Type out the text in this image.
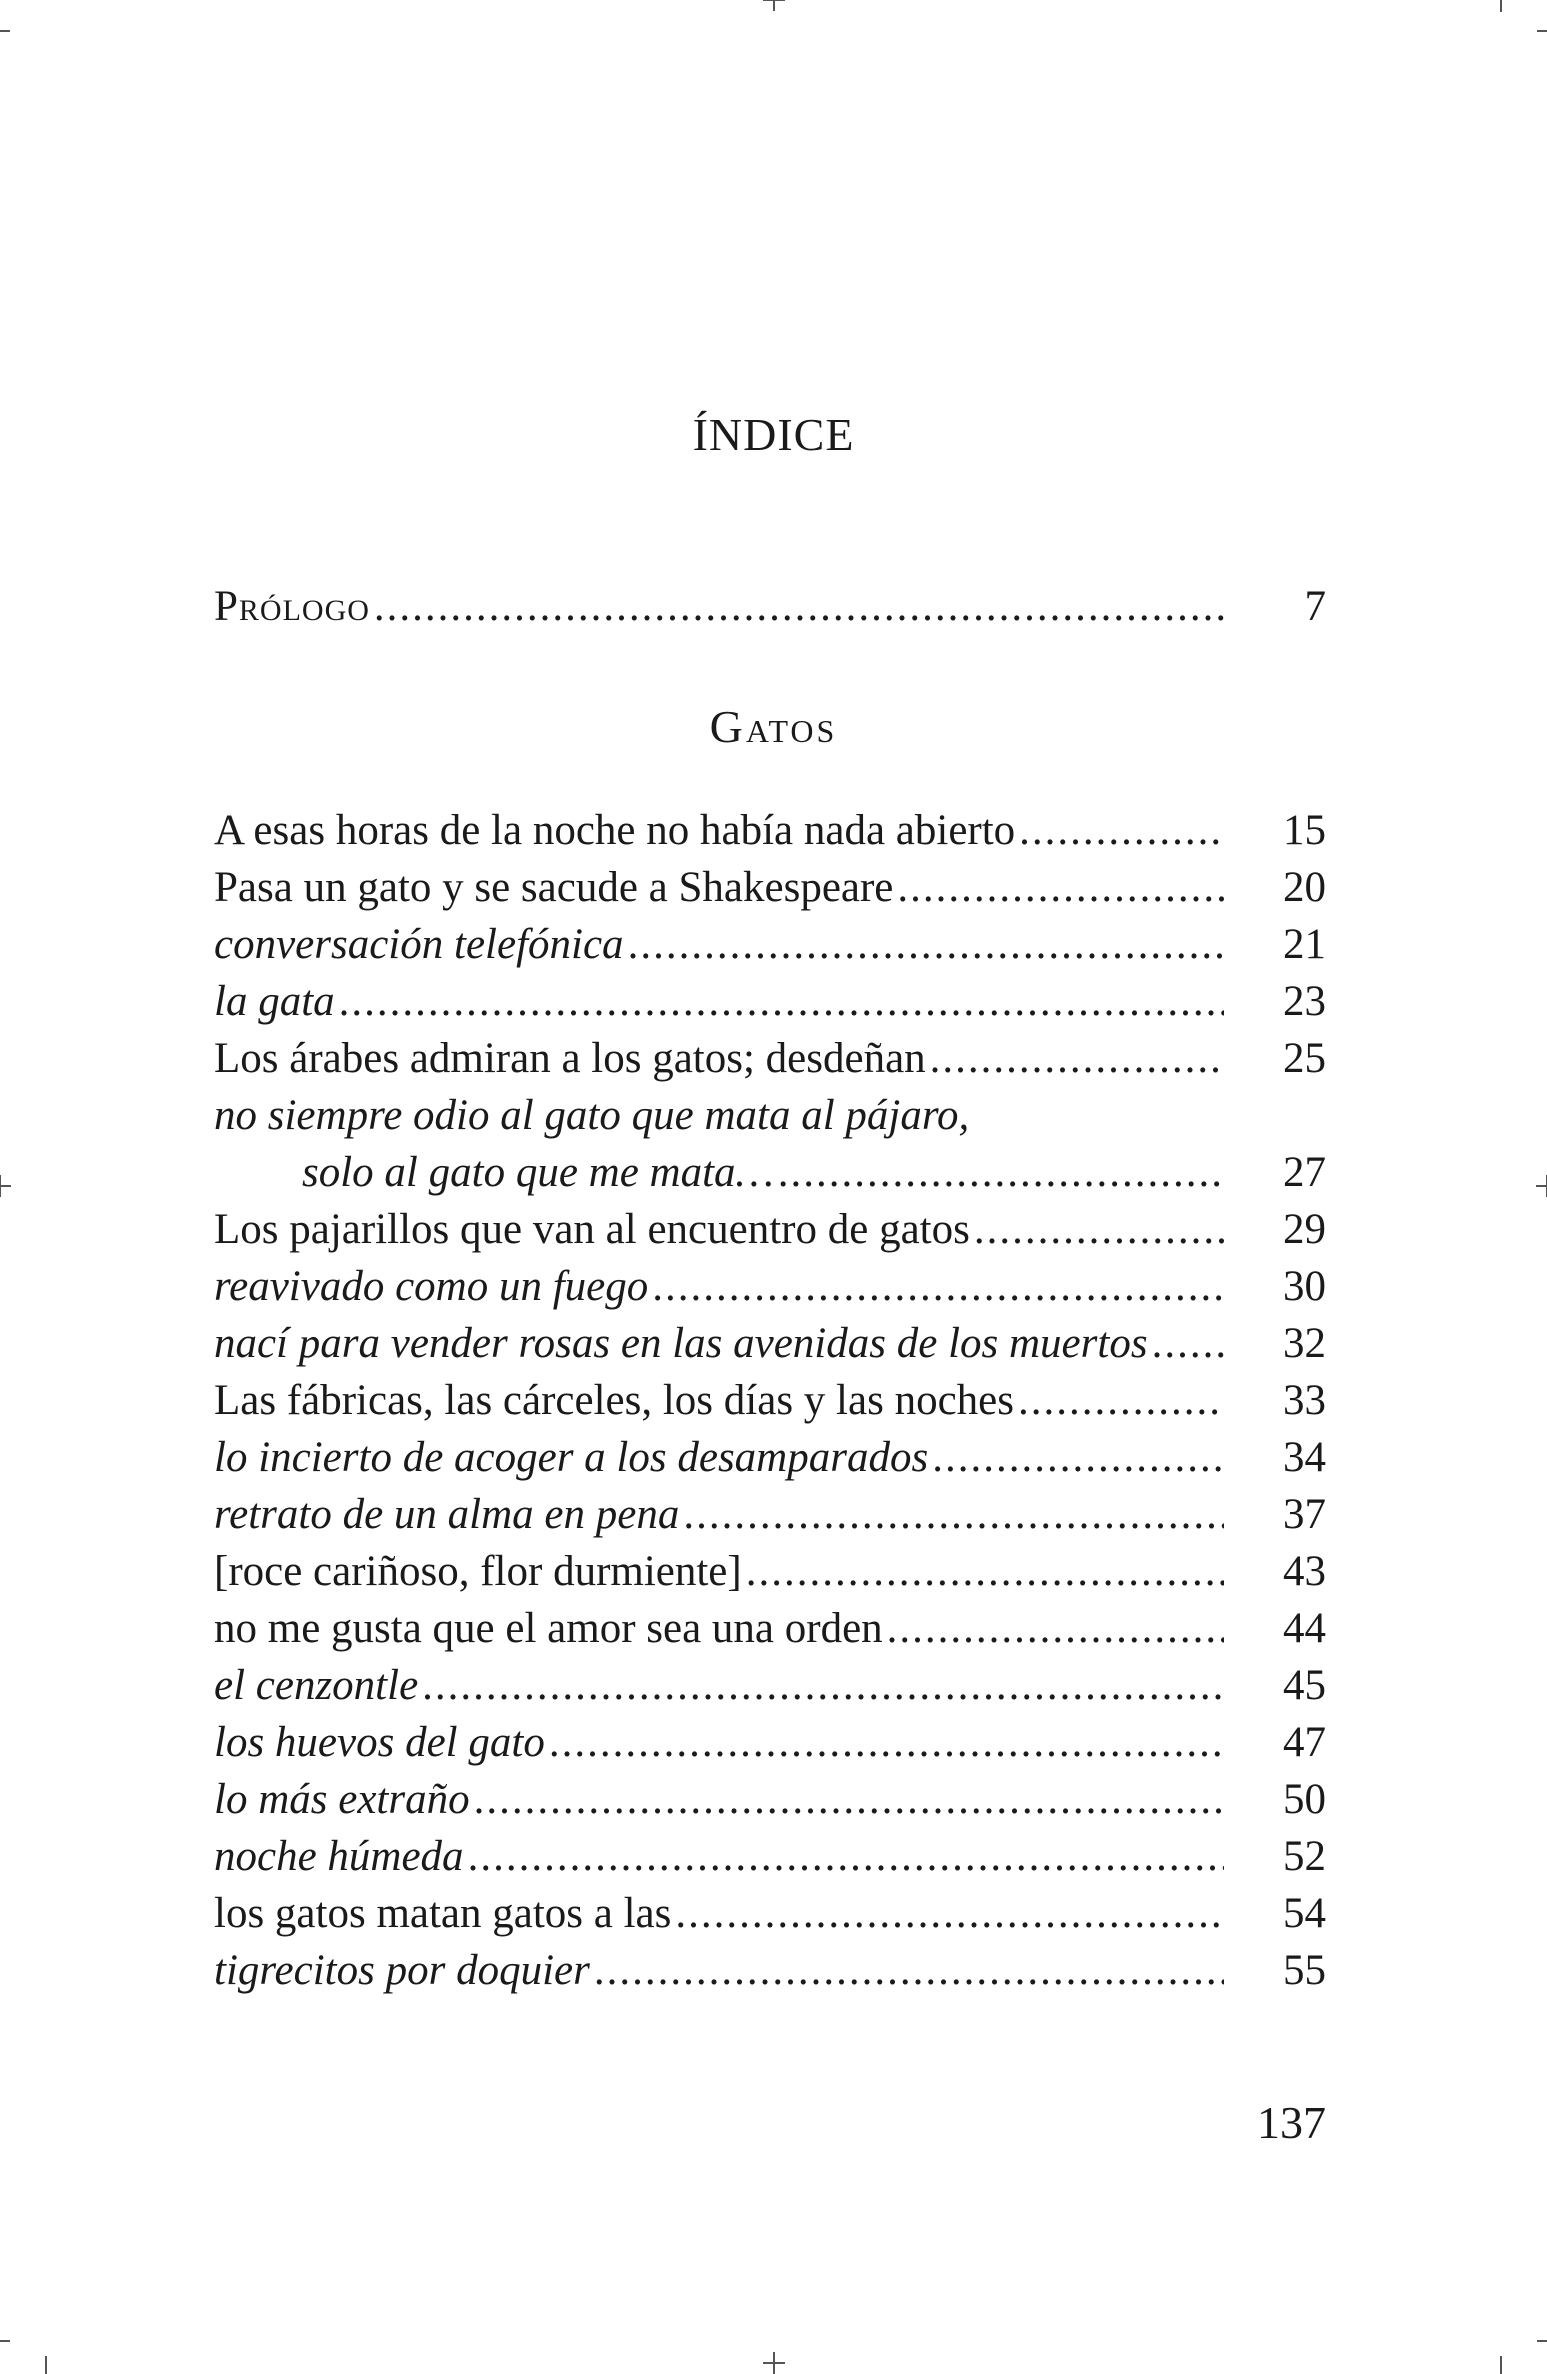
ÍNDICE
Prólogo .....	7
Gatos
A esas horas de la noche no había nada abierto .....	15
Pasa un gato y se sacude a Shakespeare .....	20
conversación telefónica .....	21
la gata .....	23
Los árabes admiran a los gatos; desdeñan .....	25
no siempre odio al gato que mata al pájaro,
solo al gato que me mata… .....	27
Los pajarillos que van al encuentro de gatos .....	29
reavivado como un fuego .....	30
nací para vender rosas en las avenidas de los muertos .....	32
Las fábricas, las cárceles, los días y las noches .....	33
lo incierto de acoger a los desamparados .....	34
retrato de un alma en pena .....	37
[roce cariñoso, flor durmiente] .....	43
no me gusta que el amor sea una orden .....	44
el cenzontle .....	45
los huevos del gato .....	47
lo más extraño .....	50
noche húmeda .....	52
los gatos matan gatos a las .....	54
tigrecitos por doquier .....	55
137
